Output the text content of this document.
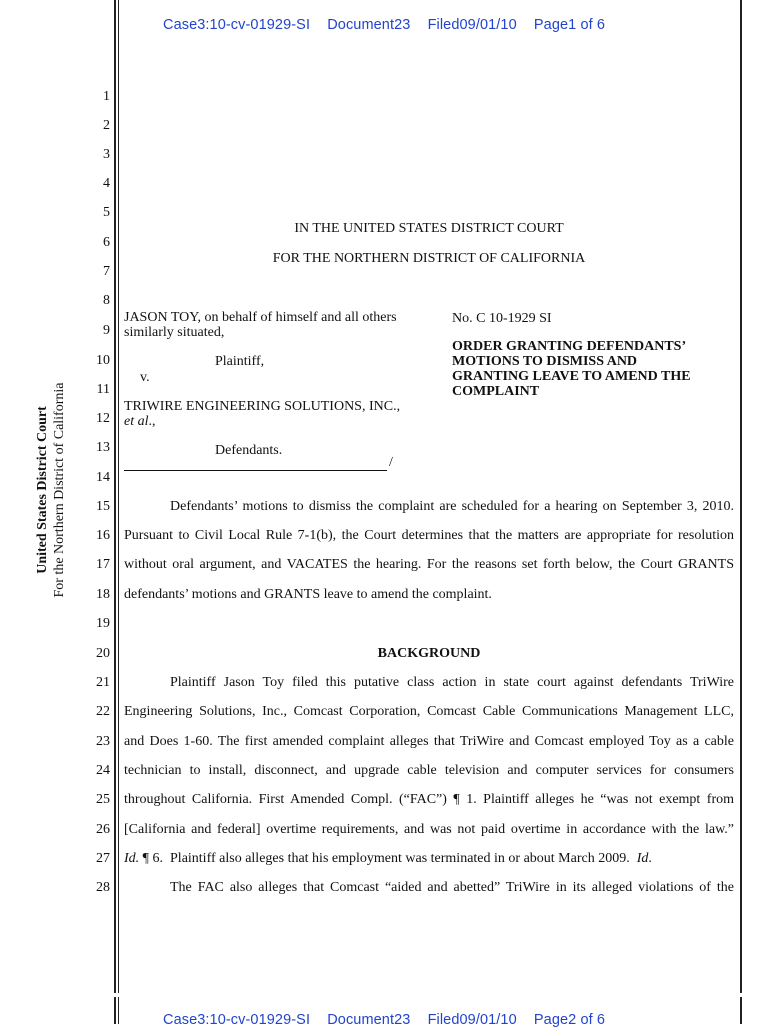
Case3:10-cv-01929-SI Document23 Filed09/01/10 Page1 of 6
Case3:10-cv-01929-SI Document23 Filed09/01/10 Page2 of 6
United States District Court For the Northern District of California
1
2
3
4
5
6
7
8
9
10
11
12
13
14
15
16
17
18
19
20
21
22
23
24
25
26
27
28
IN THE UNITED STATES DISTRICT COURT
FOR THE NORTHERN DISTRICT OF CALIFORNIA
JASON TOY, on behalf of himself and all others
similarly situated,
Plaintiff,
v.
TRIWIRE ENGINEERING SOLUTIONS, INC.,
et al.,
Defendants.
/
No. C 10-1929 SI
ORDER GRANTING DEFENDANTS’
MOTIONS TO DISMISS AND
GRANTING LEAVE TO AMEND THE
COMPLAINT
Defendants’ motions to dismiss the complaint are scheduled for a hearing on September 3, 2010.
Pursuant to Civil Local Rule 7-1(b), the Court determines that the matters are appropriate for resolution
without oral argument, and VACATES the hearing. For the reasons set forth below, the Court GRANTS
defendants’ motions and GRANTS leave to amend the complaint.
BACKGROUND
Plaintiff Jason Toy filed this putative class action in state court against defendants TriWire
Engineering Solutions, Inc., Comcast Corporation, Comcast Cable Communications Management LLC,
and Does 1-60. The first amended complaint alleges that TriWire and Comcast employed Toy as a cable
technician to install, disconnect, and upgrade cable television and computer services for consumers
throughout California. First Amended Compl. (“FAC”) ¶ 1. Plaintiff alleges he “was not exempt from
[California and federal] overtime requirements, and was not paid overtime in accordance with the law.”
Id. ¶ 6.  Plaintiff also alleges that his employment was terminated in or about March 2009.  Id.
The FAC also alleges that Comcast “aided and abetted” TriWire in its alleged violations of the
